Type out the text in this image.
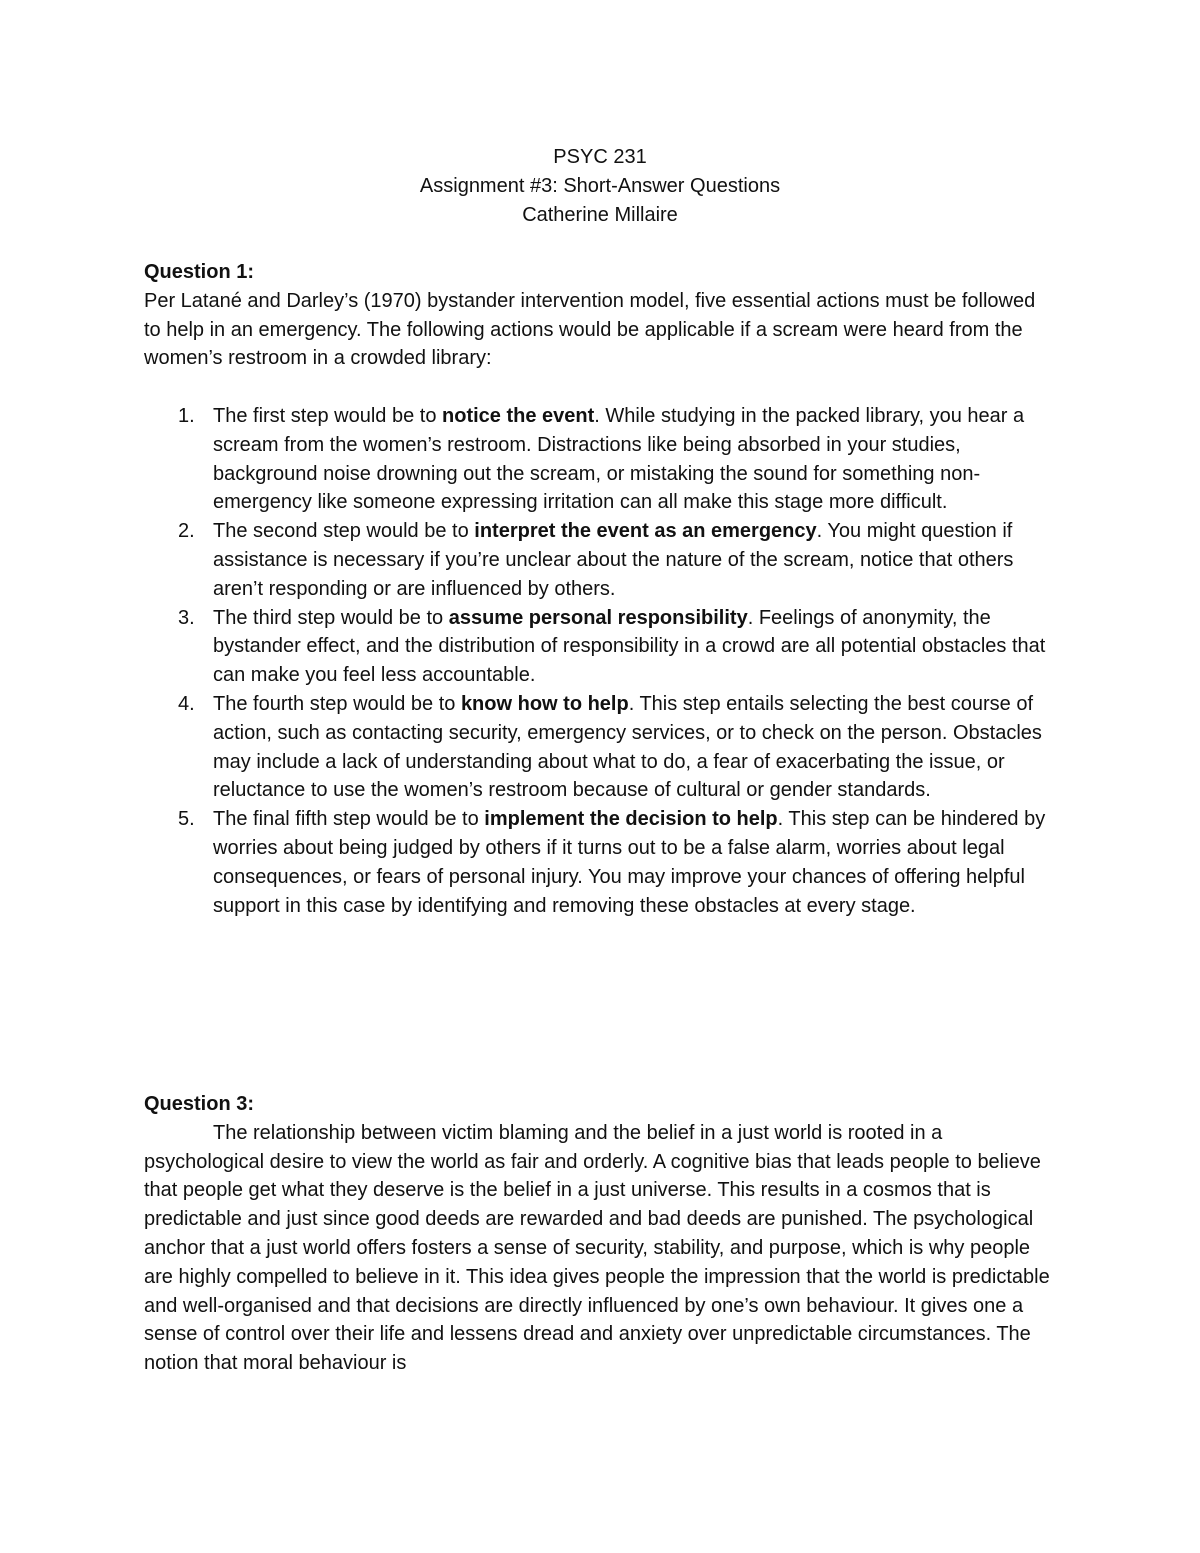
PSYC 231
Assignment #3: Short-Answer Questions
Catherine Millaire
Question 1:

Per Latané and Darley’s (1970) bystander intervention model, five essential actions must be followed to help in an emergency. The following actions would be applicable if a scream were heard from the women’s restroom in a crowded library:

1. The first step would be to notice the event. While studying in the packed library, you hear a scream from the women’s restroom. Distractions like being absorbed in your studies, background noise drowning out the scream, or mistaking the sound for something non-emergency like someone expressing irritation can all make this stage more difficult.
2. The second step would be to interpret the event as an emergency. You might question if assistance is necessary if you’re unclear about the nature of the scream, notice that others aren’t responding or are influenced by others.
3. The third step would be to assume personal responsibility. Feelings of anonymity, the bystander effect, and the distribution of responsibility in a crowd are all potential obstacles that can make you feel less accountable.
4. The fourth step would be to know how to help. This step entails selecting the best course of action, such as contacting security, emergency services, or to check on the person. Obstacles may include a lack of understanding about what to do, a fear of exacerbating the issue, or reluctance to use the women’s restroom because of cultural or gender standards.
5. The final fifth step would be to implement the decision to help. This step can be hindered by worries about being judged by others if it turns out to be a false alarm, worries about legal consequences, or fears of personal injury. You may improve your chances of offering helpful support in this case by identifying and removing these obstacles at every stage.
Question 3:

The relationship between victim blaming and the belief in a just world is rooted in a psychological desire to view the world as fair and orderly. A cognitive bias that leads people to believe that people get what they deserve is the belief in a just universe. This results in a cosmos that is predictable and just since good deeds are rewarded and bad deeds are punished. The psychological anchor that a just world offers fosters a sense of security, stability, and purpose, which is why people are highly compelled to believe in it. This idea gives people the impression that the world is predictable and well-organised and that decisions are directly influenced by one’s own behaviour. It gives one a sense of control over their life and lessens dread and anxiety over unpredictable circumstances. The notion that moral behaviour is
